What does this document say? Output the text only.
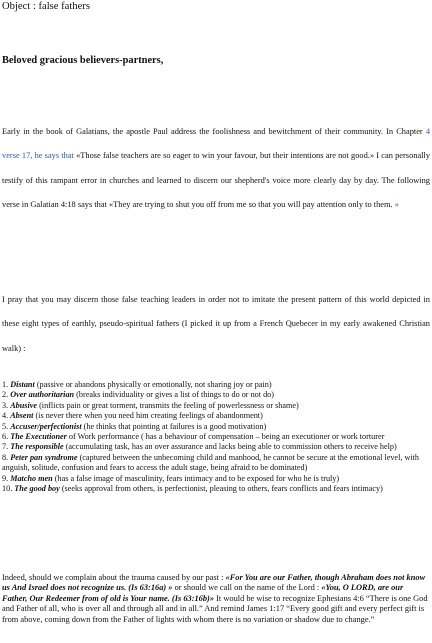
Object : false fathers
Beloved gracious believers-partners,
Early in the book of Galatians, the apostle Paul address the foolishness and bewitchment of their community. In Chapter 4 verse 17, he says that «Those false teachers are so eager to win your favour, but their intentions are not good.» I can personally testify of this rampant error in churches and learned to discern our shepherd's voice more clearly day by day. The following verse in Galatian 4:18 says that «They are trying to shut you off from me so that you will pay attention only to them. »
I pray that you may discern those false teaching leaders in order not to imitate the present pattern of this world depicted in these eight types of earthly, pseudo-spiritual fathers (I picked it up from a French Quebecer in my early awakened Christian walk) :
1. Distant (passive or abandons physically or emotionally, not sharing joy or pain)
2. Over authoritarian (breaks individuality or gives a list of things to do or not do)
3. Abusive (inflicts pain or great torment, transmits the feeling of powerlessness or shame)
4. Absent (is never there when you need him creating feelings of abandonment)
5. Accuser/perfectionist (he thinks that pointing at failures is a good motivation)
6. The Executioner of Work performance ( has a behaviour of compensation – being an executioner or work torturer
7. The responsible (accumulating task, has an over assurance and lacks being able to commission others to receive help)
8. Peter pan syndrome (captured between the unbecoming child and manhood, he cannot be secure at the emotional level, with anguish, solitude, confusion and fears to access the adult stage, being afraid to be dominated)
9. Matcho men (has a false image of masculinity, fears intimacy and to be exposed for who he is truly)
10. The good boy (seeks approval from others, is perfectionist, pleasing to others, fears conflicts and fears intimacy)
Indeed, should we complain about the trauma caused by our past : «For You are our Father, though Abraham does not know us And Israel does not recognize us. (Is 63:16a) » or should we call on the name of the Lord : «You, O LORD, are our Father, Our Redeemer from of old is Your name. (Is 63:16b)» It would be wise to recognize Ephesians 4:6 “There is one God and Father of all, who is over all and through all and in all.” And remind James 1:17 “Every good gift and every perfect gift is from above, coming down from the Father of lights with whom there is no variation or shadow due to change.”
